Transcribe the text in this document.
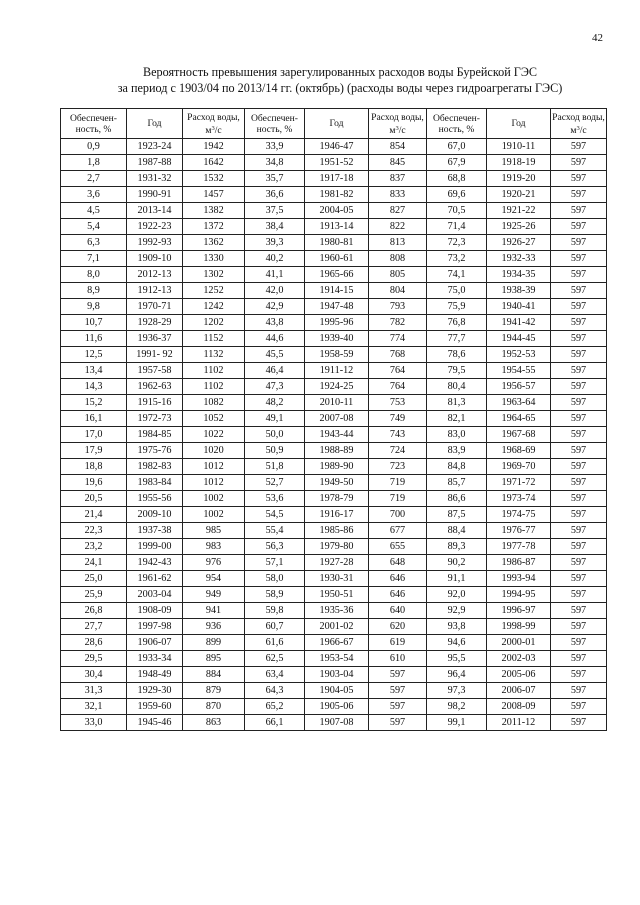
42
Вероятность превышения зарегулированных расходов воды Бурейской ГЭС
за период с 1903/04 по 2013/14 гг. (октябрь) (расходы воды через гидроагрегаты ГЭС)
Обеспечен-ность, %	Год	Расход воды, $м^3/с$	Обеспечен-ность, %	Год	Расход воды, $м^3/с$	Обеспечен-ность, %	Год	Расход воды, $м^3/с$
0,9	1923-24	1942	33,9	1946-47	854	67,0	1910-11	597
1,8	1987-88	1642	34,8	1951-52	845	67,9	1918-19	597
2,7	1931-32	1532	35,7	1917-18	837	68,8	1919-20	597
3,6	1990-91	1457	36,6	1981-82	833	69,6	1920-21	597
4,5	2013-14	1382	37,5	2004-05	827	70,5	1921-22	597
5,4	1922-23	1372	38,4	1913-14	822	71,4	1925-26	597
6,3	1992-93	1362	39,3	1980-81	813	72,3	1926-27	597
7,1	1909-10	1330	40,2	1960-61	808	73,2	1932-33	597
8,0	2012-13	1302	41,1	1965-66	805	74,1	1934-35	597
8,9	1912-13	1252	42,0	1914-15	804	75,0	1938-39	597
9,8	1970-71	1242	42,9	1947-48	793	75,9	1940-41	597
10,7	1928-29	1202	43,8	1995-96	782	76,8	1941-42	597
11,6	1936-37	1152	44,6	1939-40	774	77,7	1944-45	597
12,5	1991- 92	1132	45,5	1958-59	768	78,6	1952-53	597
13,4	1957-58	1102	46,4	1911-12	764	79,5	1954-55	597
14,3	1962-63	1102	47,3	1924-25	764	80,4	1956-57	597
15,2	1915-16	1082	48,2	2010-11	753	81,3	1963-64	597
16,1	1972-73	1052	49,1	2007-08	749	82,1	1964-65	597
17,0	1984-85	1022	50,0	1943-44	743	83,0	1967-68	597
17,9	1975-76	1020	50,9	1988-89	724	83,9	1968-69	597
18,8	1982-83	1012	51,8	1989-90	723	84,8	1969-70	597
19,6	1983-84	1012	52,7	1949-50	719	85,7	1971-72	597
20,5	1955-56	1002	53,6	1978-79	719	86,6	1973-74	597
21,4	2009-10	1002	54,5	1916-17	700	87,5	1974-75	597
22,3	1937-38	985	55,4	1985-86	677	88,4	1976-77	597
23,2	1999-00	983	56,3	1979-80	655	89,3	1977-78	597
24,1	1942-43	976	57,1	1927-28	648	90,2	1986-87	597
25,0	1961-62	954	58,0	1930-31	646	91,1	1993-94	597
25,9	2003-04	949	58,9	1950-51	646	92,0	1994-95	597
26,8	1908-09	941	59,8	1935-36	640	92,9	1996-97	597
27,7	1997-98	936	60,7	2001-02	620	93,8	1998-99	597
28,6	1906-07	899	61,6	1966-67	619	94,6	2000-01	597
29,5	1933-34	895	62,5	1953-54	610	95,5	2002-03	597
30,4	1948-49	884	63,4	1903-04	597	96,4	2005-06	597
31,3	1929-30	879	64,3	1904-05	597	97,3	2006-07	597
32,1	1959-60	870	65,2	1905-06	597	98,2	2008-09	597
33,0	1945-46	863	66,1	1907-08	597	99,1	2011-12	597
